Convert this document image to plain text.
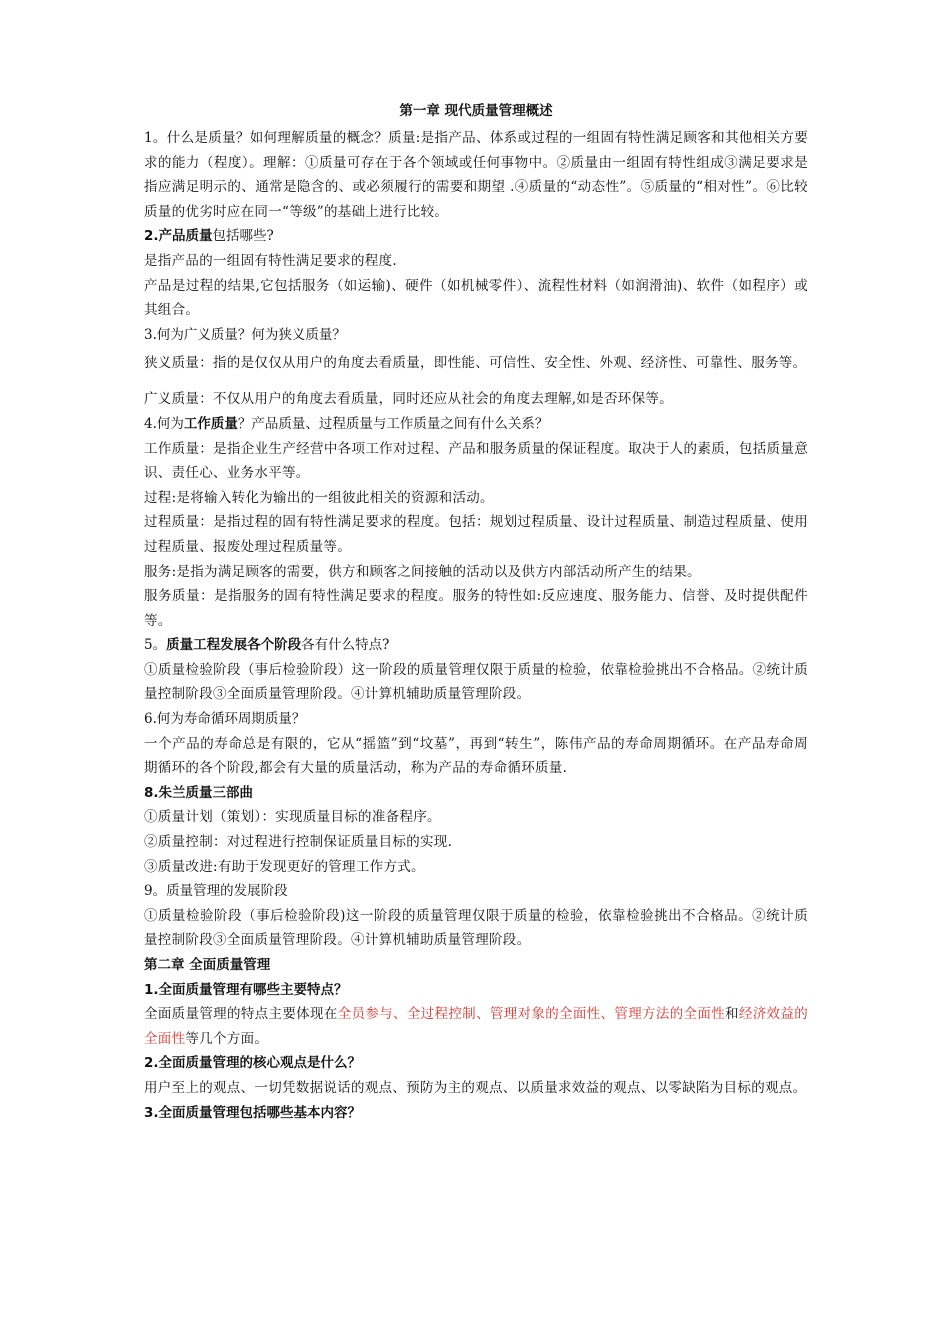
第一章 现代质量管理概述

1。什么是质量？如何理解质量的概念？质量:是指产品、体系或过程的一组固有特性满足顾客和其他相关方要求的能力（程度）。理解：①质量可存在于各个领域或任何事物中。②质量由一组固有特性组成③满足要求是指应满足明示的、通常是隐含的、或必须履行的需要和期望 .④质量的“动态性”。⑤质量的“相对性”。⑥比较质量的优劣时应在同一“等级”的基础上进行比较。

2.产品质量包括哪些?

是指产品的一组固有特性满足要求的程度.

产品是过程的结果,它包括服务（如运输)、硬件（如机械零件）、流程性材料（如润滑油)、软件（如程序）或其组合。

3.何为广义质量？何为狭义质量？

狭义质量：指的是仅仅从用户的角度去看质量，即性能、可信性、安全性、外观、经济性、可靠性、服务等。

广义质量：不仅从用户的角度去看质量，同时还应从社会的角度去理解,如是否环保等。

4.何为工作质量？产品质量、过程质量与工作质量之间有什么关系？

工作质量：是指企业生产经营中各项工作对过程、产品和服务质量的保证程度。取决于人的素质，包括质量意识、责任心、业务水平等。

过程:是将输入转化为输出的一组彼此相关的资源和活动。

过程质量：是指过程的固有特性满足要求的程度。包括：规划过程质量、设计过程质量、制造过程质量、使用过程质量、报废处理过程质量等。

服务:是指为满足顾客的需要，供方和顾客之间接触的活动以及供方内部活动所产生的结果。

服务质量：是指服务的固有特性满足要求的程度。服务的特性如:反应速度、服务能力、信誉、及时提供配件等。

5。质量工程发展各个阶段各有什么特点?

①质量检验阶段（事后检验阶段）这一阶段的质量管理仅限于质量的检验，依靠检验挑出不合格品。②统计质量控制阶段③全面质量管理阶段。④计算机辅助质量管理阶段。

6.何为寿命循环周期质量？

一个产品的寿命总是有限的，它从“摇篮”到“坟墓”，再到“转生”，陈伟产品的寿命周期循环。在产品寿命周期循环的各个阶段,都会有大量的质量活动，称为产品的寿命循环质量.

8.朱兰质量三部曲

①质量计划（策划）：实现质量目标的准备程序。

②质量控制：对过程进行控制保证质量目标的实现.

③质量改进:有助于发现更好的管理工作方式。

9。质量管理的发展阶段

①质量检验阶段（事后检验阶段)这一阶段的质量管理仅限于质量的检验，依靠检验挑出不合格品。②统计质量控制阶段③全面质量管理阶段。④计算机辅助质量管理阶段。

第二章 全面质量管理

1.全面质量管理有哪些主要特点？

全面质量管理的特点主要体现在全员参与、全过程控制、管理对象的全面性、管理方法的全面性和经济效益的全面性等几个方面。

2.全面质量管理的核心观点是什么？

用户至上的观点、一切凭数据说话的观点、预防为主的观点、以质量求效益的观点、以零缺陷为目标的观点。

3.全面质量管理包括哪些基本内容？
